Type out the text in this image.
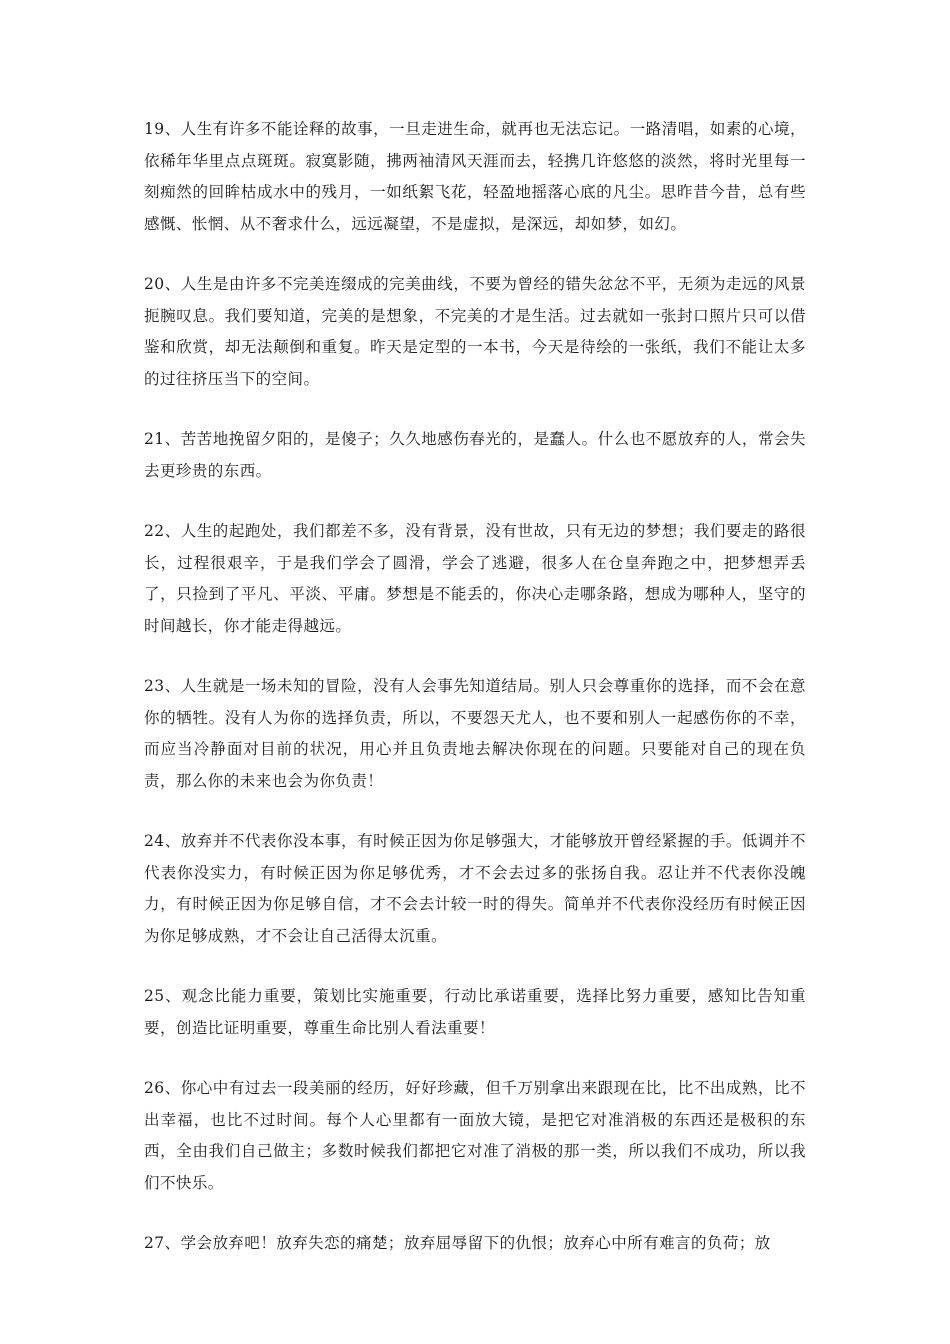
19、人生有许多不能诠释的故事，一旦走进生命，就再也无法忘记。一路清唱，如素的心境，依稀年华里点点斑斑。寂寞影随，拂两袖清风天涯而去，轻携几许悠悠的淡然，将时光里每一刻痴然的回眸枯成水中的残月，一如纸絮飞花，轻盈地摇落心底的凡尘。思昨昔今昔，总有些感慨、怅惘、从不奢求什么，远远凝望，不是虚拟，是深远，却如梦，如幻。

20、人生是由许多不完美连缀成的完美曲线，不要为曾经的错失忿忿不平，无须为走远的风景扼腕叹息。我们要知道，完美的是想象，不完美的才是生活。过去就如一张封口照片只可以借鉴和欣赏，却无法颠倒和重复。昨天是定型的一本书，今天是待绘的一张纸，我们不能让太多的过往挤压当下的空间。

21、苦苦地挽留夕阳的，是傻子；久久地感伤春光的，是蠢人。什么也不愿放弃的人，常会失去更珍贵的东西。

22、人生的起跑处，我们都差不多，没有背景，没有世故，只有无边的梦想；我们要走的路很长，过程很艰辛，于是我们学会了圆滑，学会了逃避，很多人在仓皇奔跑之中，把梦想弄丢了，只捡到了平凡、平淡、平庸。梦想是不能丢的，你决心走哪条路，想成为哪种人，坚守的时间越长，你才能走得越远。

23、人生就是一场未知的冒险，没有人会事先知道结局。别人只会尊重你的选择，而不会在意你的牺牲。没有人为你的选择负责，所以，不要怨天尤人，也不要和别人一起感伤你的不幸，而应当冷静面对目前的状况，用心并且负责地去解决你现在的问题。只要能对自己的现在负责，那么你的未来也会为你负责！

24、放弃并不代表你没本事，有时候正因为你足够强大，才能够放开曾经紧握的手。低调并不代表你没实力，有时候正因为你足够优秀，才不会去过多的张扬自我。忍让并不代表你没魄力，有时候正因为你足够自信，才不会去计较一时的得失。简单并不代表你没经历有时候正因为你足够成熟，才不会让自己活得太沉重。

25、观念比能力重要，策划比实施重要，行动比承诺重要，选择比努力重要，感知比告知重要，创造比证明重要，尊重生命比别人看法重要！

26、你心中有过去一段美丽的经历，好好珍藏，但千万别拿出来跟现在比，比不出成熟，比不出幸福，也比不过时间。每个人心里都有一面放大镜，是把它对准消极的东西还是极积的东西，全由我们自己做主；多数时候我们都把它对准了消极的那一类，所以我们不成功，所以我们不快乐。

27、学会放弃吧！放弃失恋的痛楚；放弃屈辱留下的仇恨；放弃心中所有难言的负荷；放
